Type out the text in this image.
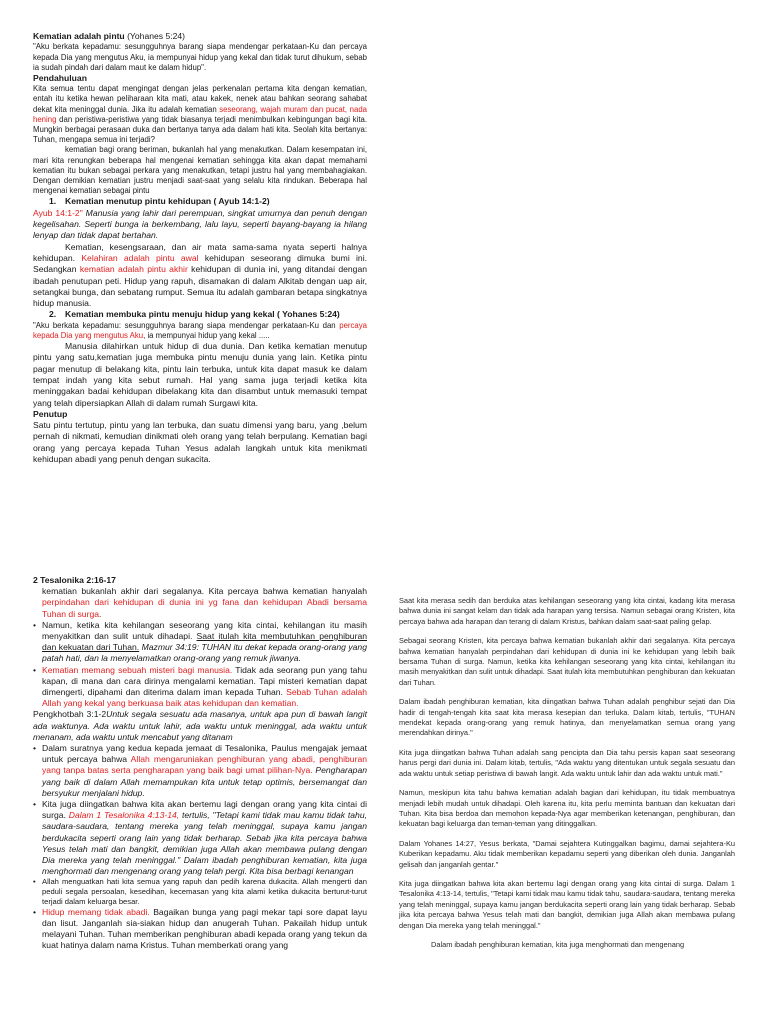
Kematian adalah pintu (Yohanes 5:24)

"Aku berkata kepadamu: sesungguhnya barang siapa mendengar perkataan-Ku dan percaya kepada Dia yang mengutus Aku, ia mempunyai hidup yang kekal dan tidak turut dihukum, sebab ia sudah pindah dari dalam maut ke dalam hidup".

Pendahuluan

Kita semua tentu dapat mengingat dengan jelas perkenalan pertama kita dengan kematian, entah itu ketika hewan peliharaan kita mati, atau kakek, nenek atau bahkan seorang sahabat dekat kita meninggal dunia. Jika itu adalah kematian seseorang, wajah muram dan pucat, nada hening dan peristiwa-peristiwa yang tidak biasanya terjadi menimbulkan kebingungan bagi kita. Mungkin berbagai perasaan duka dan bertanya tanya ada dalam hati kita. Seolah kita bertanya: Tuhan, mengapa semua ini terjadi?

kematian bagi orang beriman, bukanlah hal yang menakutkan. Dalam kesempatan ini, mari kita renungkan beberapa hal mengenai kematian sehingga kita akan dapat memahami kematian itu bukan sebagai perkara yang menakutkan, tetapi justru hal yang membahagiakan. Dengan demikian kematian justru menjadi saat-saat yang selalu kita rindukan. Beberapa hal mengenai kematian sebagai pintu

1. Kematian menutup pintu kehidupan ( Ayub 14:1-2)

Ayub 14:1-2" Manusia yang lahir dari perempuan, singkat umurnya dan penuh dengan kegelisahan. Seperti bunga ia berkembang, lalu layu, seperti bayang-bayang ia hilang lenyap dan tidak dapat bertahan.

Kematian, kesengsaraan, dan air mata sama-sama nyata seperti halnya kehidupan. Kelahiran adalah pintu awal kehidupan seseorang dimuka bumi ini. Sedangkan kematian adalah pintu akhir kehidupan di dunia ini, yang ditandai dengan ibadah penutupan peti. Hidup yang rapuh, disamakan di dalam Alkitab dengan uap air, setangkai bunga, dan sebatang rumput. Semua itu adalah gambaran betapa singkatnya hidup manusia.

2. Kematian membuka pintu menuju hidup yang kekal ( Yohanes 5:24)

"Aku berkata kepadamu: sesungguhnya barang siapa mendengar perkataan-Ku dan percaya kepada Dia yang mengutus Aku, ia mempunyai hidup yang kekal .....

Manusia dilahirkan untuk hidup di dua dunia. Dan ketika kematian menutup pintu yang satu,kematian juga membuka pintu menuju dunia yang lain. Ketika pintu pagar menutup di belakang kita, pintu lain terbuka, untuk kita dapat masuk ke dalam tempat indah yang kita sebut rumah. Hal yang sama juga terjadi ketika kita meninggakan badai kehidupan dibelakang kita dan disambut untuk memasuki tempat yang telah dipersiapkan Allah di dalam rumah Surgawi kita.

Penutup

Satu pintu tertutup, pintu yang lan terbuka, dan suatu dimensi yang baru, yang ,belum pernah di nikmati, kemudian dinikmati oleh orang yang telah berpulang. Kematian bagi orang yang percaya kepada Tuhan Yesus adalah langkah untuk kita menikmati kehidupan abadi yang penuh dengan sukacita.

2 Tesalonika 2:16-17

kematian bukanlah akhir dari segalanya. Kita percaya bahwa kematian hanyalah perpindahan dari kehidupan di dunia ini yg fana dan kehidupan Abadi bersama Tuhan di surga.

• Namun, ketika kita kehilangan seseorang yang kita cintai, kehilangan itu masih menyakitkan dan sulit untuk dihadapi. Saat itulah kita membutuhkan penghiburan dan kekuatan dari Tuhan. Mazmur 34:19: TUHAN itu dekat kepada orang-orang yang patah hati, dan la menyelamatkan orang-orang yang remuk jiwanya.

• Kematian memang sebuah misteri bagi manusia. Tidak ada seorang pun yang tahu kapan, di mana dan cara dirinya mengalami kematian. Tapi misteri kematian dapat dimengerti, dipahami dan diterima dalam iman kepada Tuhan. Sebab Tuhan adalah Allah yang kekal yang berkuasa baik atas kehidupan dan kematian.

Pengkhotbah 3:1-2Untuk segala sesuatu ada masanya, untuk apa pun di bawah langit ada waktunya. Ada waktu untuk lahir, ada waktu untuk meninggal, ada waktu untuk menanam, ada waktu untuk mencabut yang ditanam

• Dalam suratnya yang kedua kepada jemaat di Tesalonika, Paulus mengajak jemaat untuk percaya bahwa Allah mengaruniakan penghiburan yang abadi, penghiburan yang tanpa batas serta pengharapan yang baik bagi umat pilihan-Nya. Pengharapan yang baik di dalam Allah memampukan kita untuk tetap optimis, bersemangat dan bersyukur menjalani hidup.

• Kita juga diingatkan bahwa kita akan bertemu lagi dengan orang yang kita cintai di surga. Dalam 1 Tesalonika 4:13-14, tertulis, "Tetapi kami tidak mau kamu tidak tahu, saudara-saudara, tentang mereka yang telah meninggal, supaya kamu jangan berdukacita seperti orang lain yang tidak berharap. Sebab jika kita percaya bahwa Yesus telah mati dan bangkit, demikian juga Allah akan membawa pulang dengan Dia mereka yang telah meninggal." Dalam ibadah penghiburan kematian, kita juga menghormati dan mengenang orang yang telah pergi. Kita bisa berbagi kenangan

• Allah menguatkan hati kita semua yang rapuh dan pedih karena dukacita. Allah mengerti dan peduli segala persoalan, kesedihan, kecemasan yang kita alami ketika dukacita berturut-turut terjadi dalam keluarga besar.

• Hidup memang tidak abadi. Bagaikan bunga yang pagi mekar tapi sore dapat layu dan lisut. Janganlah sia-siakan hidup dan anugerah Tuhan. Pakailah hidup untuk melayani Tuhan. Tuhan memberikan penghiburan abadi kepada orang yang tekun da kuat hatinya dalam nama Kristus. Tuhan memberkati orang yang

Saat kita merasa sedih dan berduka atas kehilangan seseorang yang kita cintai, kadang kita merasa bahwa dunia ini sangat kelam dan tidak ada harapan yang tersisa. Namun sebagai orang Kristen, kita percaya bahwa ada harapan dan terang di dalam Kristus, bahkan dalam saat-saat paling gelap.

Sebagai seorang Kristen, kita percaya bahwa kematian bukanlah akhir dari segalanya. Kita percaya bahwa kematian hanyalah perpindahan dari kehidupan di dunia ini ke kehidupan yang lebih baik bersama Tuhan di surga. Namun, ketika kita kehilangan seseorang yang kita cintai, kehilangan itu masih menyakitkan dan sulit untuk dihadapi. Saat itulah kita membutuhkan penghiburan dan kekuatan dari Tuhan.

Dalam ibadah penghiburan kematian, kita diingatkan bahwa Tuhan adalah penghibur sejati dan Dia hadir di tengah-tengah kita saat kita merasa kesepian dan terluka. Dalam kitab, tertulis, "TUHAN mendekat kepada orang-orang yang remuk hatinya, dan menyelamatkan semua orang yang merendahkan dirinya."

Kita juga diingatkan bahwa Tuhan adalah sang pencipta dan Dia tahu persis kapan saat seseorang harus pergi dari dunia ini. Dalam kitab, tertulis, "Ada waktu yang ditentukan untuk segala sesuatu dan ada waktu untuk setiap peristiwa di bawah langit. Ada waktu untuk lahir dan ada waktu untuk mati."

Namun, meskipun kita tahu bahwa kematian adalah bagian dari kehidupan, itu tidak membuatnya menjadi lebih mudah untuk dihadapi. Oleh karena itu, kita perlu meminta bantuan dan kekuatan dari Tuhan. Kita bisa berdoa dan memohon kepada-Nya agar memberikan ketenangan, penghiburan, dan kekuatan bagi keluarga dan teman-teman yang ditinggalkan.

Dalam Yohanes 14:27, Yesus berkata, "Damai sejahtera Kutinggalkan bagimu, damai sejahtera-Ku Kuberikan kepadamu. Aku tidak memberikan kepadamu seperti yang diberikan oleh dunia. Janganlah gelisah dan janganlah gentar."

Kita juga diingatkan bahwa kita akan bertemu lagi dengan orang yang kita cintai di surga. Dalam 1 Tesalonika 4:13-14, tertulis, "Tetapi kami tidak mau kamu tidak tahu, saudara-saudara, tentang mereka yang telah meninggal, supaya kamu jangan berdukacita seperti orang lain yang tidak berharap. Sebab jika kita percaya bahwa Yesus telah mati dan bangkit, demikian juga Allah akan membawa pulang dengan Dia mereka yang telah meninggal."

Dalam ibadah penghiburan kematian, kita juga menghormati dan mengenang
